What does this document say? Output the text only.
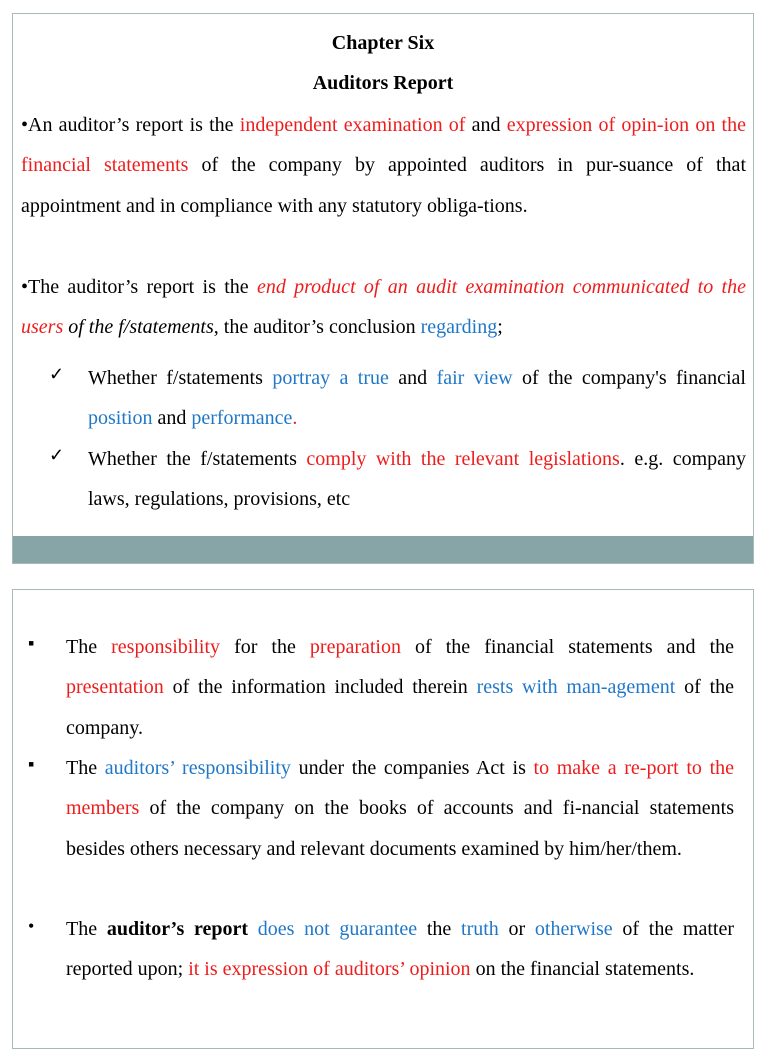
Chapter Six
Auditors Report
•An auditor’s report is the independent examination of and expression of opin-ion on the financial statements of the company by appointed auditors in pur-suance of that appointment and in compliance with any statutory obliga-tions.
•The auditor’s report is the end product of an audit examination communicated to the users of the f/statements, the auditor’s conclusion regarding;
✓ Whether f/statements portray a true and fair view of the company's financial position and performance.
✓ Whether the f/statements comply with the relevant legislations. e.g. company laws, regulations, provisions, etc
▪ The responsibility for the preparation of the financial statements and the presentation of the information included therein rests with man-agement of the company.
▪ The auditors’ responsibility under the companies Act is to make a re-port to the members of the company on the books of accounts and fi-nancial statements besides others necessary and relevant documents examined by him/her/them.
• The auditor’s report does not guarantee the truth or otherwise of the matter reported upon; it is expression of auditors’ opinion on the financial statements.
